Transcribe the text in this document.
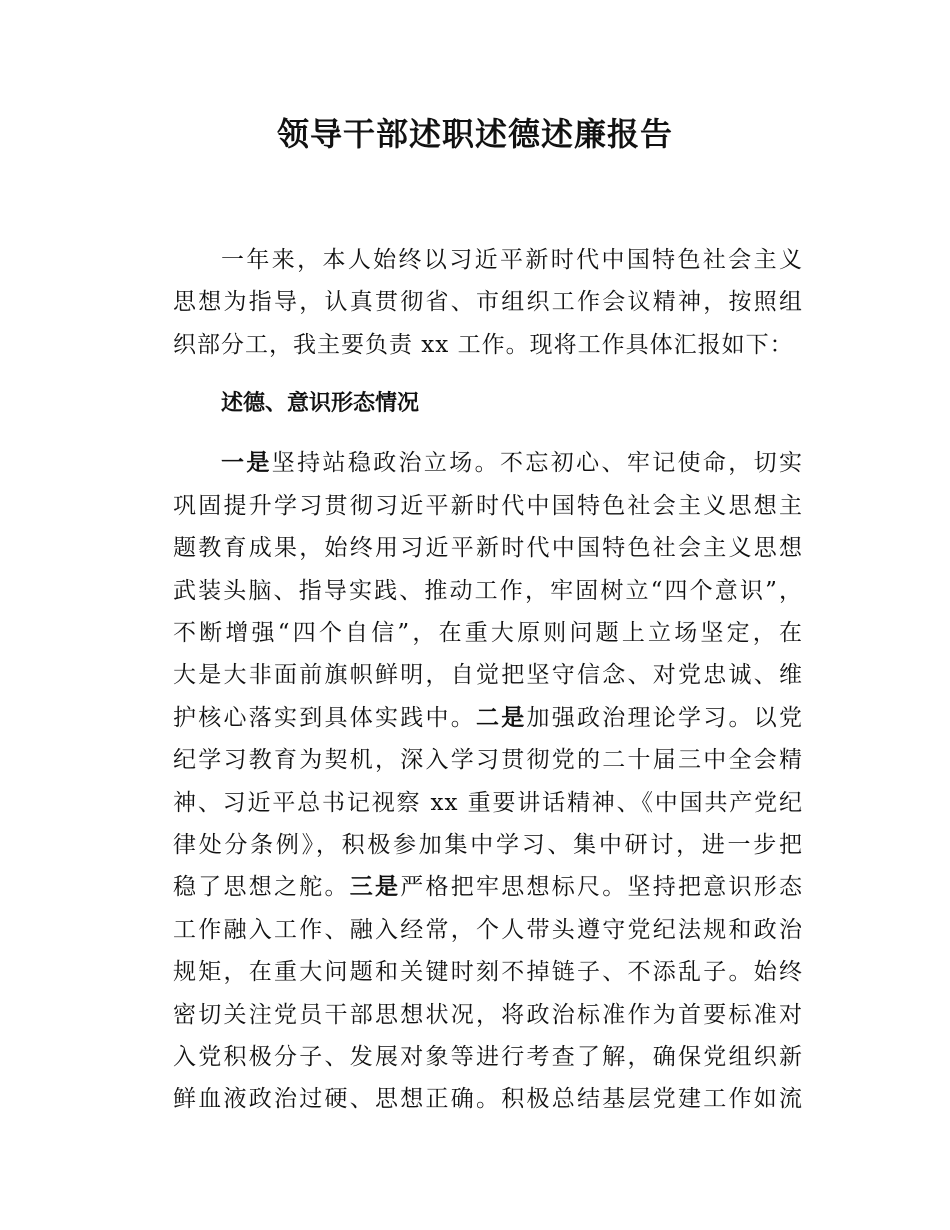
领导干部述职述德述廉报告
一年来，本人始终以习近平新时代中国特色社会主义
思想为指导，认真贯彻省、市组织工作会议精神，按照组
织部分工，我主要负责 xx 工作。现将工作具体汇报如下：
述德、意识形态情况
一是坚持站稳政治立场。不忘初心、牢记使命，切实
巩固提升学习贯彻习近平新时代中国特色社会主义思想主
题教育成果，始终用习近平新时代中国特色社会主义思想
武装头脑、指导实践、推动工作，牢固树立“四个意识”，
不断增强“四个自信”，在重大原则问题上立场坚定，在
大是大非面前旗帜鲜明，自觉把坚守信念、对党忠诚、维
护核心落实到具体实践中。二是加强政治理论学习。以党
纪学习教育为契机，深入学习贯彻党的二十届三中全会精
神、习近平总书记视察 xx 重要讲话精神、《中国共产党纪
律处分条例》，积极参加集中学习、集中研讨，进一步把
稳了思想之舵。三是严格把牢思想标尺。坚持把意识形态
工作融入工作、融入经常，个人带头遵守党纪法规和政治
规矩，在重大问题和关键时刻不掉链子、不添乱子。始终
密切关注党员干部思想状况，将政治标准作为首要标准对
入党积极分子、发展对象等进行考查了解，确保党组织新
鲜血液政治过硬、思想正确。积极总结基层党建工作如流
